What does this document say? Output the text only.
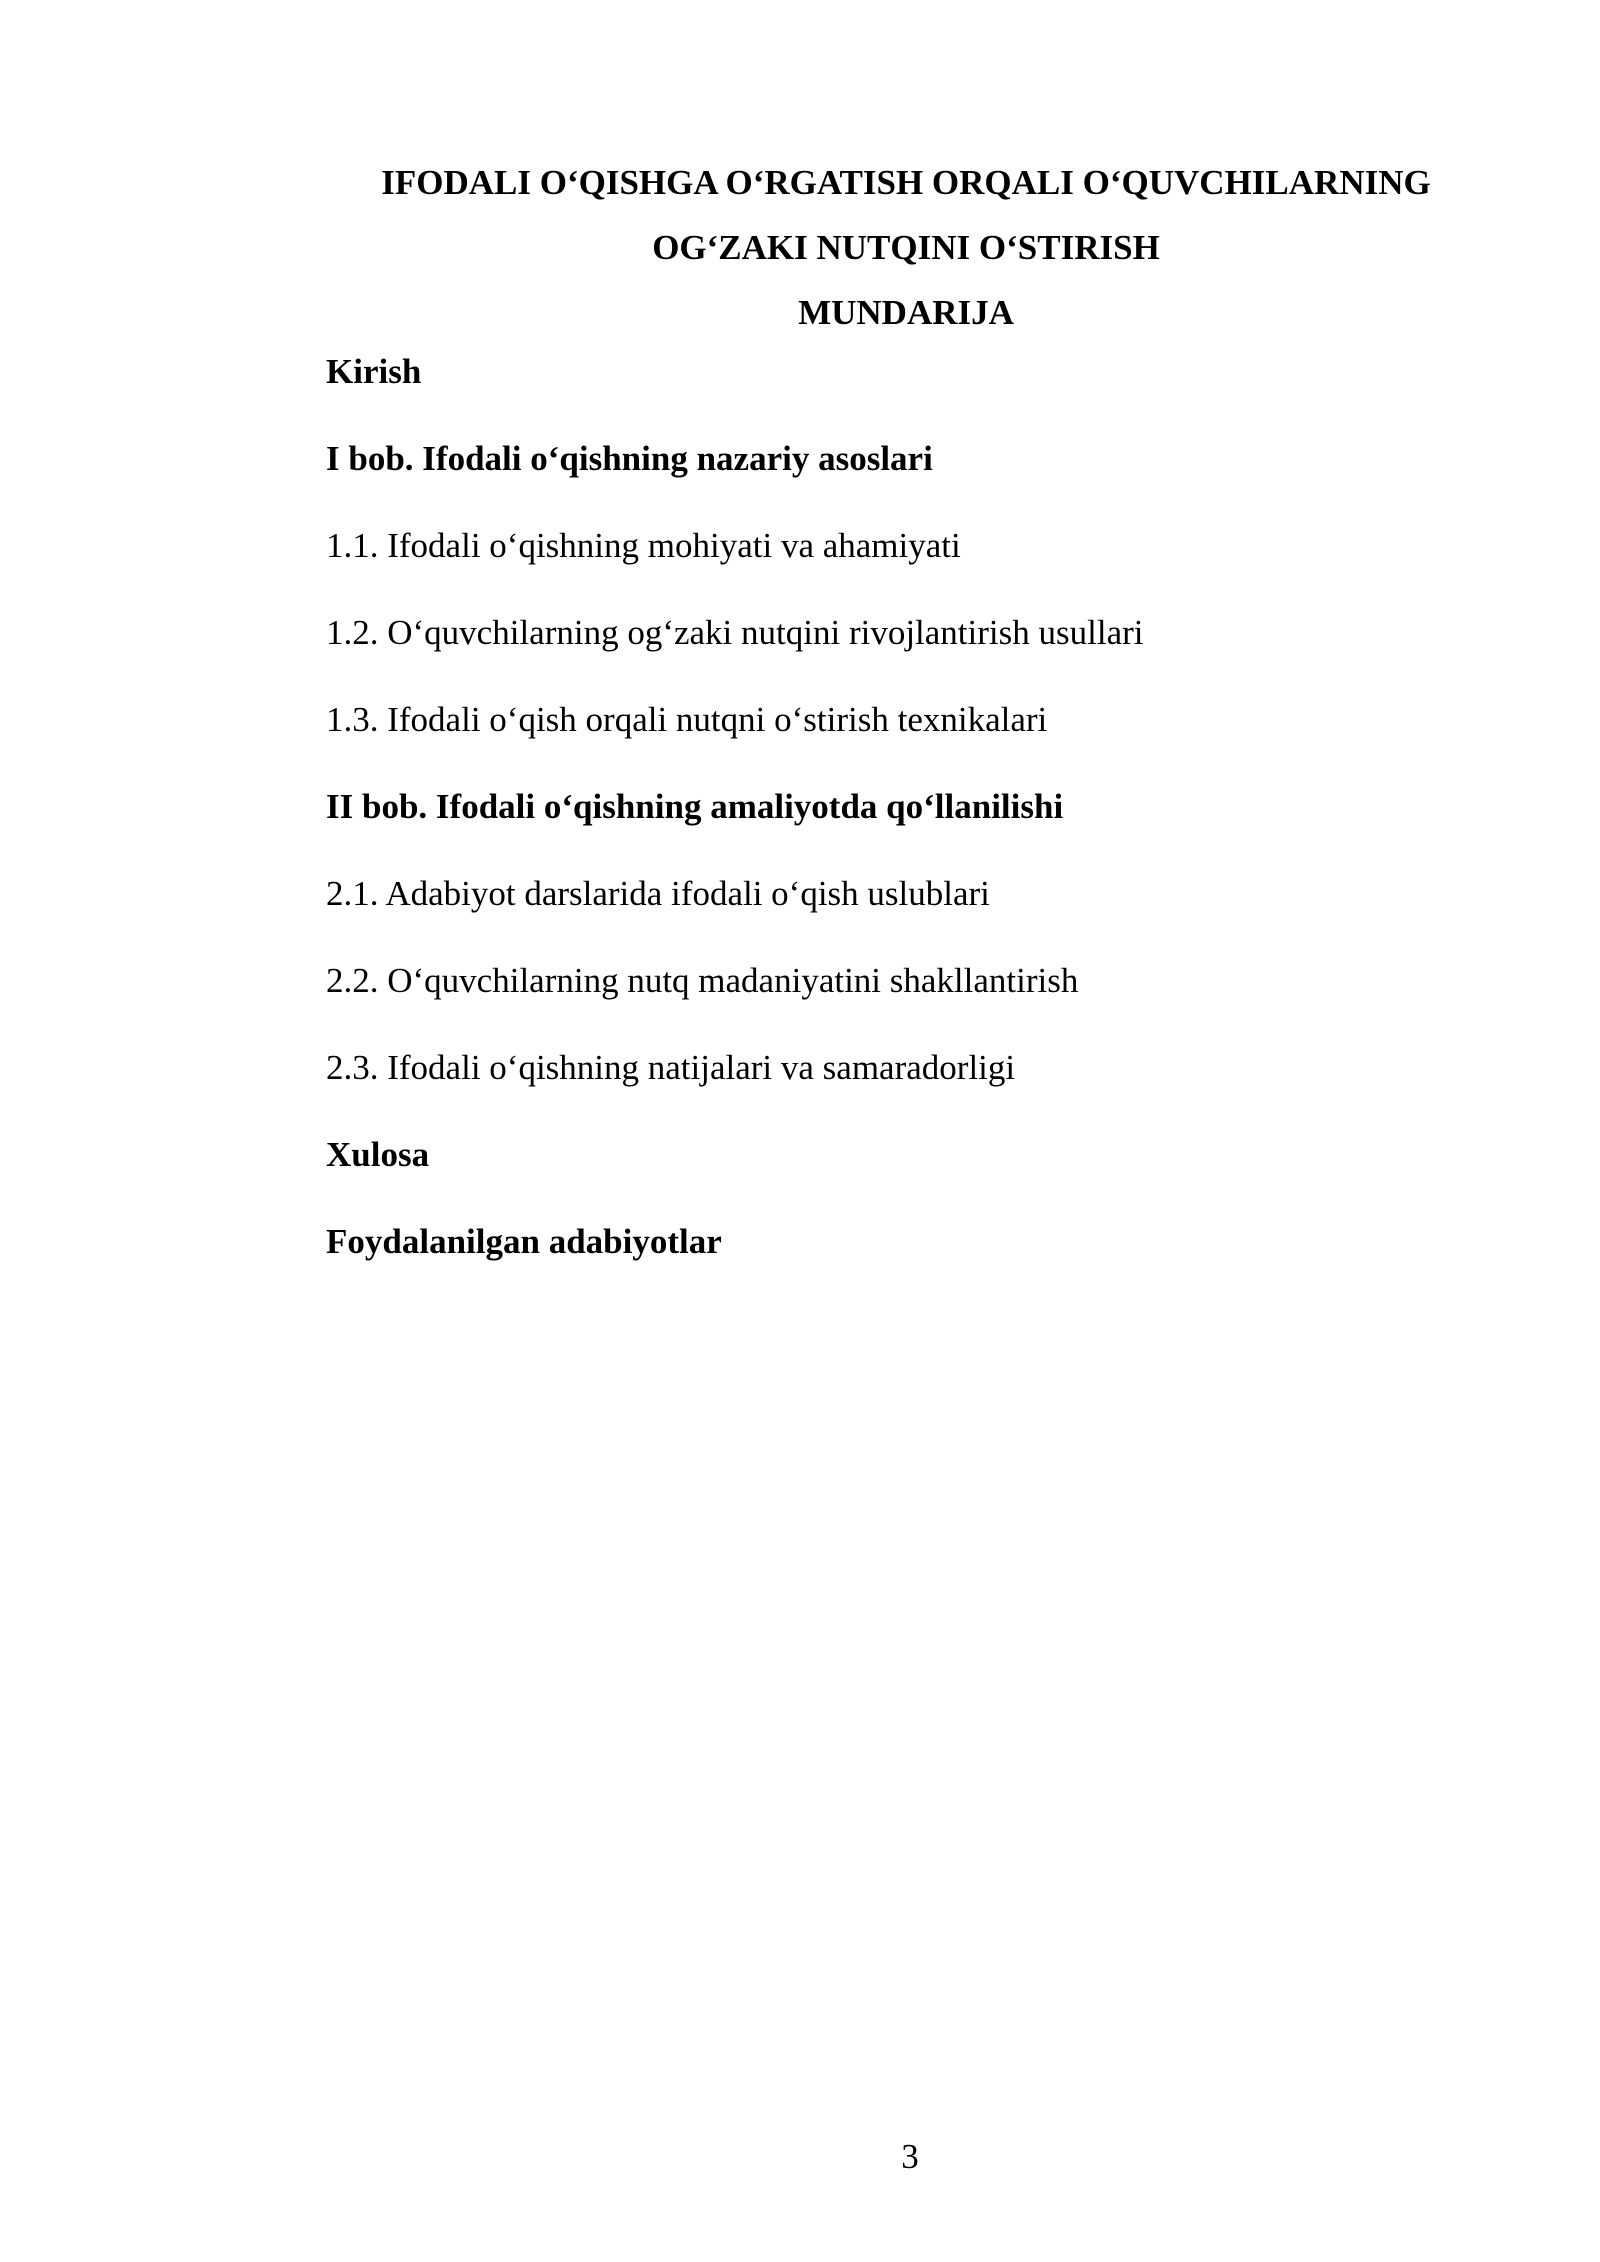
IFODALI O‘QISHGA O‘RGATISH ORQALI O‘QUVCHILARNING
OG‘ZAKI NUTQINI O‘STIRISH
MUNDARIJA
Kirish
I bob. Ifodali o‘qishning nazariy asoslari
1.1. Ifodali o‘qishning mohiyati va ahamiyati
1.2. O‘quvchilarning og‘zaki nutqini rivojlantirish usullari
1.3. Ifodali o‘qish orqali nutqni o‘stirish texnikalari
II bob. Ifodali o‘qishning amaliyotda qo‘llanilishi
2.1. Adabiyot darslarida ifodali o‘qish uslublari
2.2. O‘quvchilarning nutq madaniyatini shakllantirish
2.3. Ifodali o‘qishning natijalari va samaradorligi
Xulosa
Foydalanilgan adabiyotlar
3
